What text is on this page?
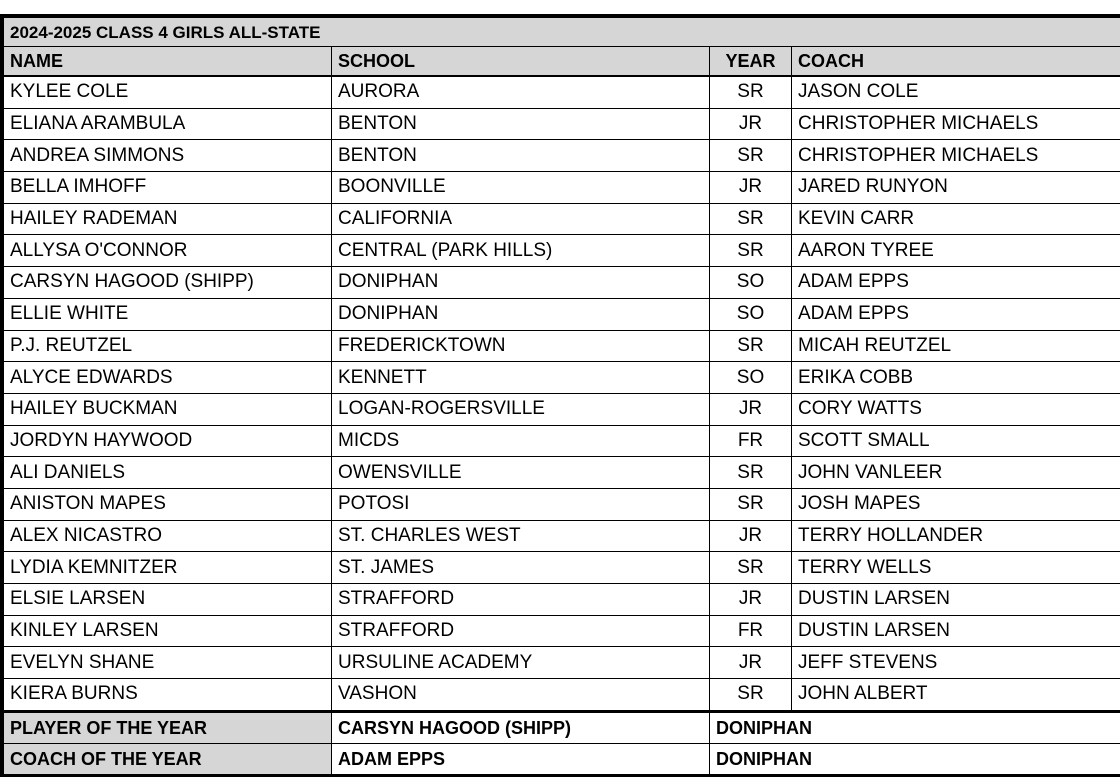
2024-2025 CLASS 4 GIRLS ALL-STATE			
NAME	SCHOOL	YEAR	COACH
KYLEE COLE	AURORA	SR	JASON COLE
ELIANA ARAMBULA	BENTON	JR	CHRISTOPHER MICHAELS
ANDREA SIMMONS	BENTON	SR	CHRISTOPHER MICHAELS
BELLA IMHOFF	BOONVILLE	JR	JARED RUNYON
HAILEY RADEMAN	CALIFORNIA	SR	KEVIN CARR
ALLYSA O'CONNOR	CENTRAL (PARK HILLS)	SR	AARON TYREE
CARSYN HAGOOD (SHIPP)	DONIPHAN	SO	ADAM EPPS
ELLIE WHITE	DONIPHAN	SO	ADAM EPPS
P.J. REUTZEL	FREDERICKTOWN	SR	MICAH REUTZEL
ALYCE EDWARDS	KENNETT	SO	ERIKA COBB
HAILEY BUCKMAN	LOGAN-ROGERSVILLE	JR	CORY WATTS
JORDYN HAYWOOD	MICDS	FR	SCOTT SMALL
ALI DANIELS	OWENSVILLE	SR	JOHN VANLEER
ANISTON MAPES	POTOSI	SR	JOSH MAPES
ALEX NICASTRO	ST. CHARLES WEST	JR	TERRY HOLLANDER
LYDIA KEMNITZER	ST. JAMES	SR	TERRY WELLS
ELSIE LARSEN	STRAFFORD	JR	DUSTIN LARSEN
KINLEY LARSEN	STRAFFORD	FR	DUSTIN LARSEN
EVELYN SHANE	URSULINE ACADEMY	JR	JEFF STEVENS
KIERA BURNS	VASHON	SR	JOHN ALBERT
PLAYER OF THE YEAR	CARSYN HAGOOD (SHIPP)	DONIPHAN	
COACH OF THE YEAR	ADAM EPPS	DONIPHAN	
